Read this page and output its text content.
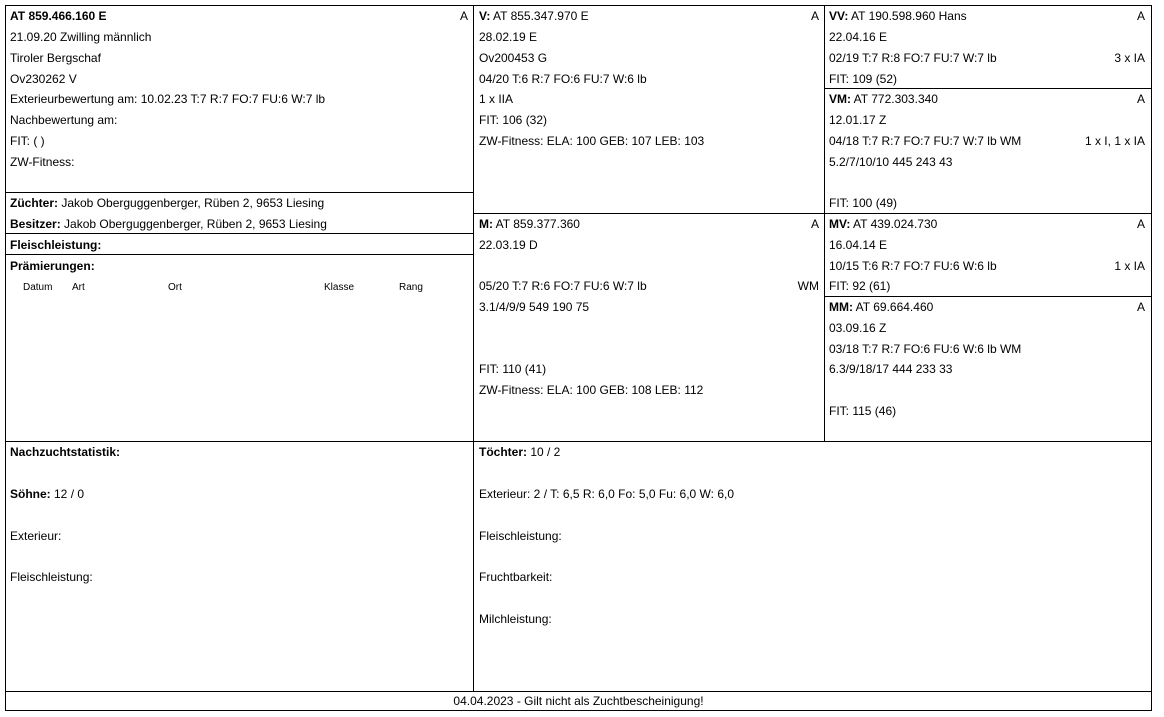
AT 859.466.160 E	A
21.09.20 Zwilling männlich
Tiroler Bergschaf
Ov230262 V
Exterieurbewertung am: 10.02.23 T:7 R:7 FO:7 FU:6 W:7 lb
Nachbewertung am:
FIT: ( )
ZW-Fitness:
Züchter: Jakob Oberguggenberger, Rüben 2, 9653 Liesing
Besitzer: Jakob Oberguggenberger, Rüben 2, 9653 Liesing
Fleischleistung:
Prämierungen:
Datum Art	Ort	Klasse	Rang
V: AT 855.347.970 E	A
28.02.19 E
Ov200453 G
04/20 T:6 R:7 FO:6 FU:7 W:6 lb
1 x IIA
FIT: 106 (32)
ZW-Fitness: ELA: 100 GEB: 107 LEB: 103
M: AT 859.377.360	A
22.03.19 D
05/20 T:7 R:6 FO:7 FU:6 W:7 lb	WM
3.1/4/9/9 549 190 75
FIT: 110 (41)
ZW-Fitness: ELA: 100 GEB: 108 LEB: 112
VV: AT 190.598.960 Hans	A
22.04.16 E
02/19 T:7 R:8 FO:7 FU:7 W:7 lb	3 x IA
FIT: 109 (52)
VM: AT 772.303.340	A
12.01.17 Z
04/18 T:7 R:7 FO:7 FU:7 W:7 lb WM	1 x I, 1 x IA
5.2/7/10/10 445 243 43
FIT: 100 (49)
MV: AT 439.024.730	A
16.04.14 E
10/15 T:6 R:7 FO:7 FU:6 W:6 lb	1 x IA
FIT: 92 (61)
MM: AT 69.664.460	A
03.09.16 Z
03/18 T:7 R:7 FO:6 FU:6 W:6 lb WM
6.3/9/18/17 444 233 33
FIT: 115 (46)
Nachzuchtstatistik:
Söhne: 12 / 0
Exterieur:
Fleischleistung:
Töchter: 10 / 2
Exterieur: 2 / T: 6,5 R: 6,0 Fo: 5,0 Fu: 6,0 W: 6,0
Fleischleistung:
Fruchtbarkeit:
Milchleistung:
04.04.2023 - Gilt nicht als Zuchtbescheinigung!
